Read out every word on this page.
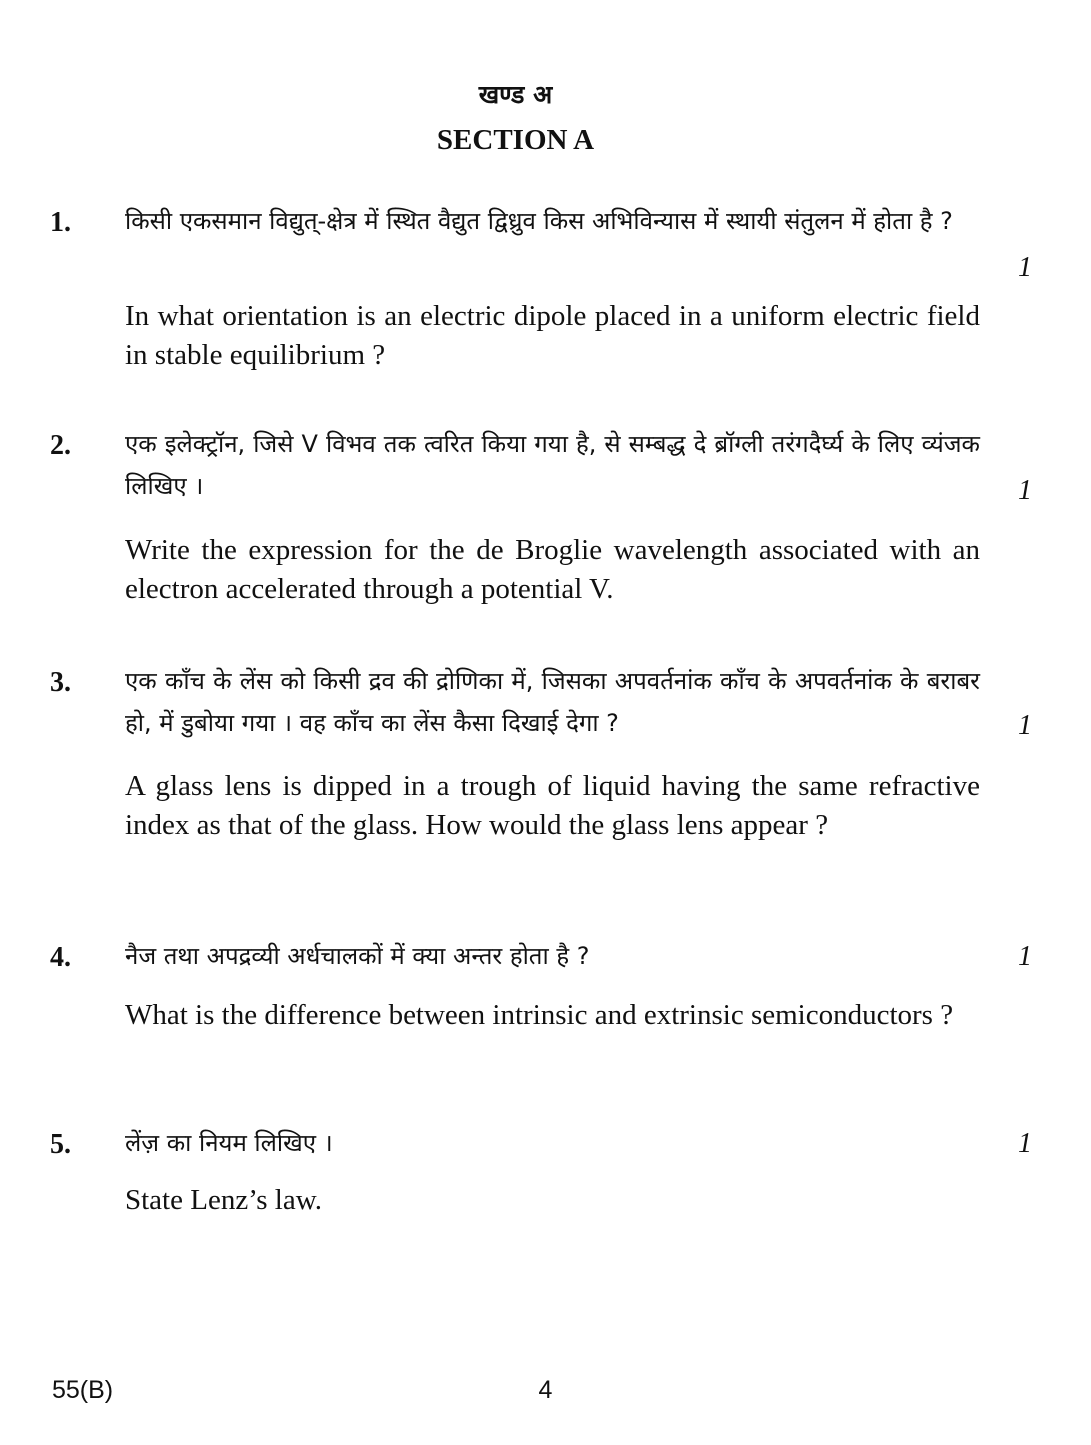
खण्ड अ
SECTION A
1. किसी एकसमान विद्युत्‌-क्षेत्र में स्थित वैद्युत द्विध्रुव किस अभिविन्यास में स्थायी संतुलन में होता है ?
1
In what orientation is an electric dipole placed in a uniform electric field in stable equilibrium ?
2. एक इलेक्ट्रॉन, जिसे V विभव तक त्वरित किया गया है, से सम्बद्ध दे ब्रॉग्ली तरंगदैर्घ्य के लिए व्यंजक लिखिए ।	1
Write the expression for the de Broglie wavelength associated with an electron accelerated through a potential V.
3. एक काँच के लेंस को किसी द्रव की द्रोणिका में, जिसका अपवर्तनांक काँच के अपवर्तनांक के बराबर हो, में डुबोया गया । वह काँच का लेंस कैसा दिखाई देगा ?	1
A glass lens is dipped in a trough of liquid having the same refractive index as that of the glass. How would the glass lens appear ?
4. नैज तथा अपद्रव्यी अर्धचालकों में क्या अन्तर होता है ?	1
What is the difference between intrinsic and extrinsic semiconductors ?
5. लेंज़ का नियम लिखिए ।	1
State Lenz’s law.
55(B)	4
